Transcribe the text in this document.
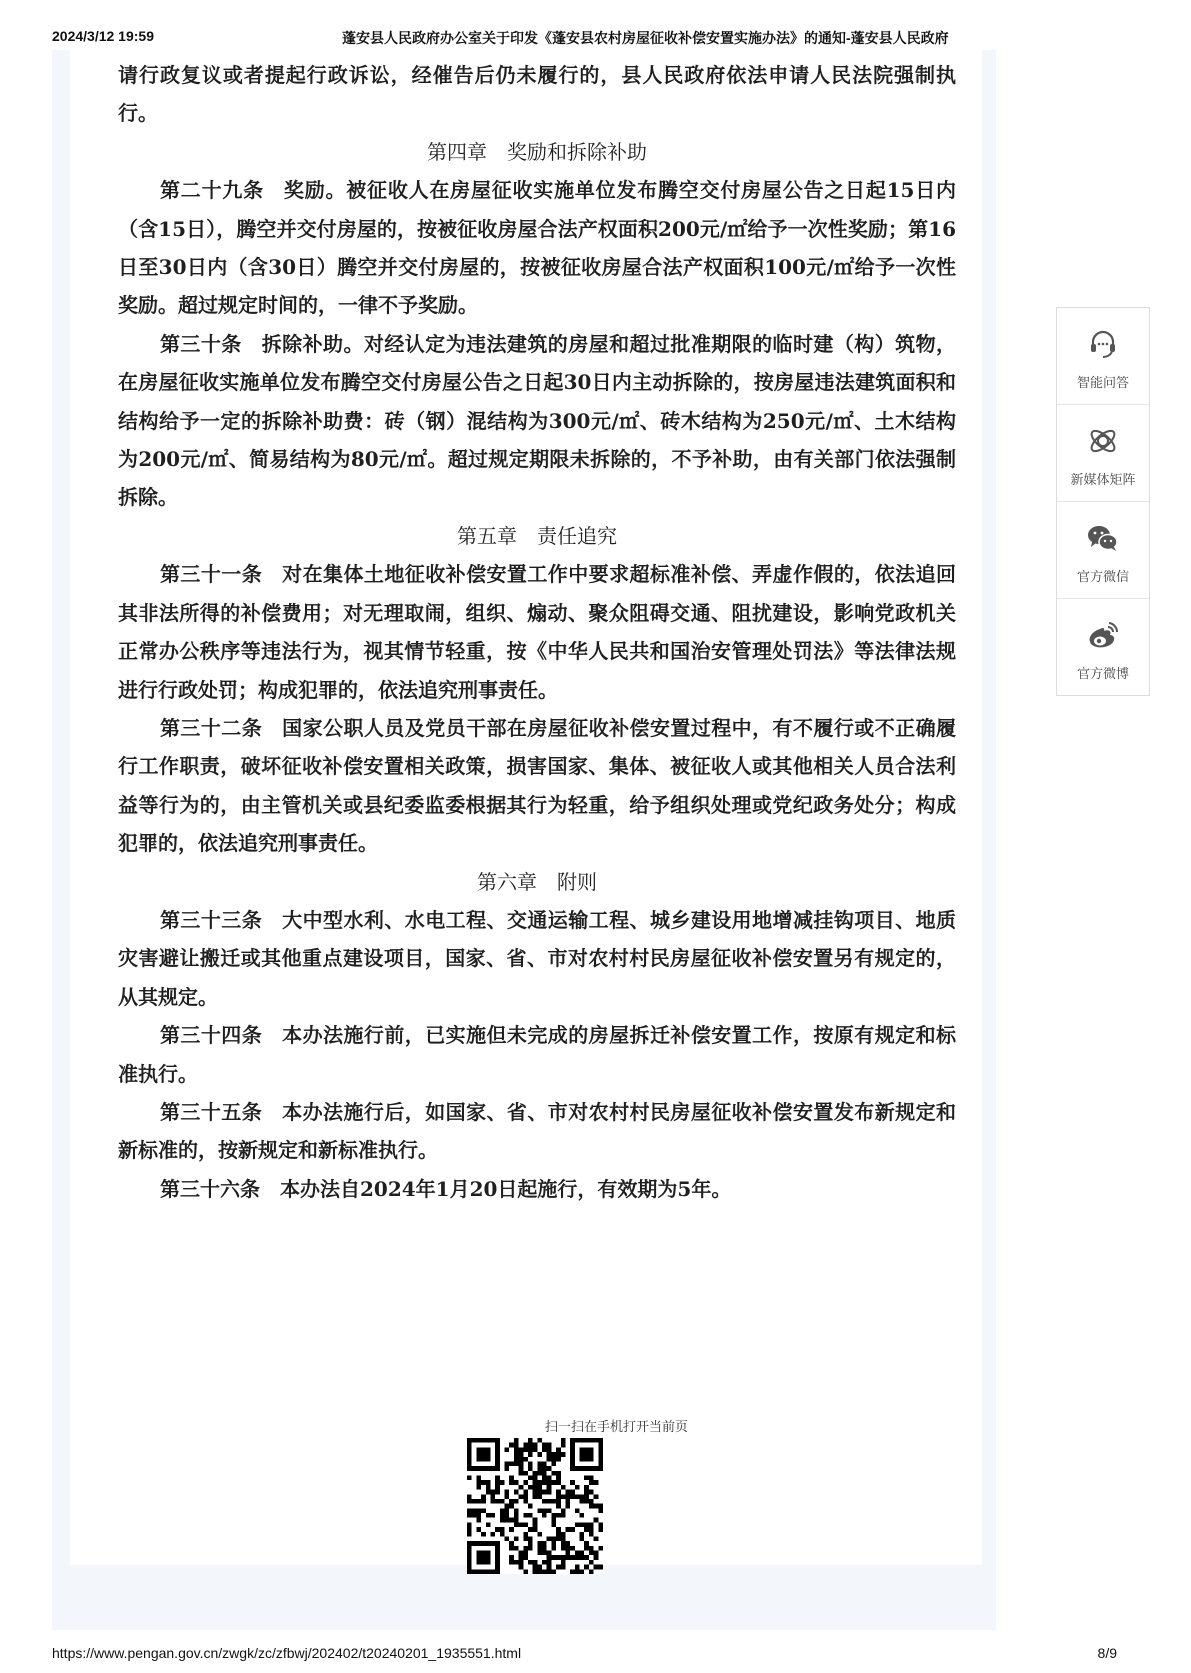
2024/3/12 19:59	蓬安县人民政府办公室关于印发《蓬安县农村房屋征收补偿安置实施办法》的通知-蓬安县人民政府

请行政复议或者提起行政诉讼，经催告后仍未履行的，县人民政府依法申请人民法院强制执行。

第四章　奖励和拆除补助

第二十九条 奖励。被征收人在房屋征收实施单位发布腾空交付房屋公告之日起15日内（含15日），腾空并交付房屋的，按被征收房屋合法产权面积200元/㎡给予一次性奖励；第16日至30日内（含30日）腾空并交付房屋的，按被征收房屋合法产权面积100元/㎡给予一次性奖励。超过规定时间的，一律不予奖励。

第三十条 拆除补助。对经认定为违法建筑的房屋和超过批准期限的临时建（构）筑物，在房屋征收实施单位发布腾空交付房屋公告之日起30日内主动拆除的，按房屋违法建筑面积和结构给予一定的拆除补助费：砖（钢）混结构为300元/㎡、砖木结构为250元/㎡、土木结构为200元/㎡、简易结构为80元/㎡。超过规定期限未拆除的，不予补助，由有关部门依法强制拆除。

第五章　责任追究

第三十一条 对在集体土地征收补偿安置工作中要求超标准补偿、弄虚作假的，依法追回其非法所得的补偿费用；对无理取闹，组织、煽动、聚众阻碍交通、阻扰建设，影响党政机关正常办公秩序等违法行为，视其情节轻重，按《中华人民共和国治安管理处罚法》等法律法规进行行政处罚；构成犯罪的，依法追究刑事责任。

第三十二条 国家公职人员及党员干部在房屋征收补偿安置过程中，有不履行或不正确履行工作职责，破坏征收补偿安置相关政策，损害国家、集体、被征收人或其他相关人员合法利益等行为的，由主管机关或县纪委监委根据其行为轻重，给予组织处理或党纪政务处分；构成犯罪的，依法追究刑事责任。

第六章　附则

第三十三条 大中型水利、水电工程、交通运输工程、城乡建设用地增减挂钩项目、地质灾害避让搬迁或其他重点建设项目，国家、省、市对农村村民房屋征收补偿安置另有规定的，从其规定。

第三十四条 本办法施行前，已实施但未完成的房屋拆迁补偿安置工作，按原有规定和标准执行。

第三十五条 本办法施行后，如国家、省、市对农村村民房屋征收补偿安置发布新规定和新标准的，按新规定和新标准执行。

第三十六条 本办法自2024年1月20日起施行，有效期为5年。

扫一扫在手机打开当前页
智能问答
新媒体矩阵
官方微信
官方微博
https://www.pengan.gov.cn/zwgk/zc/zfbwj/202402/t20240201_1935551.html	8/9
